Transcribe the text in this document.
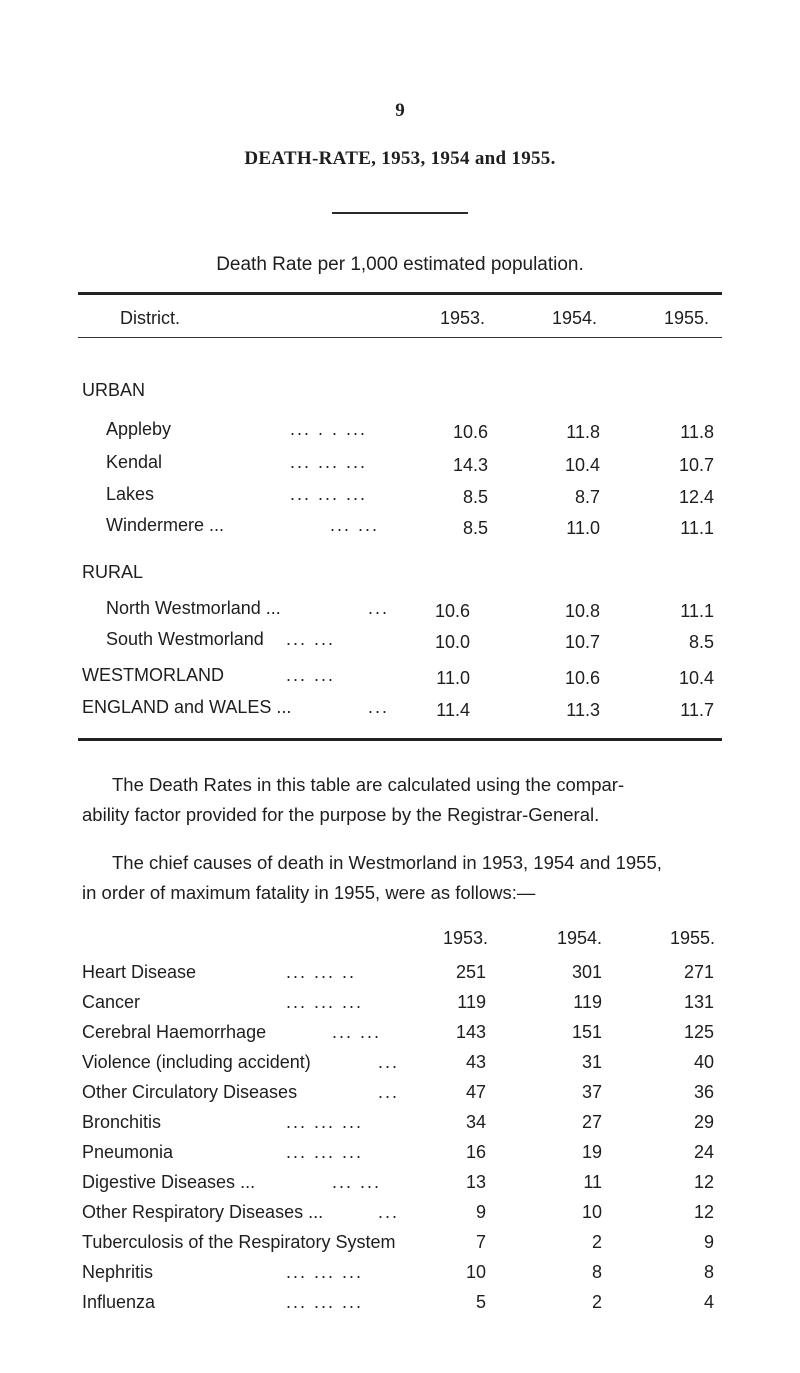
9
DEATH-RATE, 1953, 1954 and 1955.
Death Rate per 1,000 estimated population.
District.	1953.	1954.	1955.
URBAN
Appleby	... . . ...	10.6	11.8	11.8
Kendal	... ... ...	14.3	10.4	10.7
Lakes	... ... ...	8.5	8.7	12.4
Windermere ...	... ...	8.5	11.0	11.1
RURAL
North Westmorland ...	...	10.6	10.8	11.1
South Westmorland ... ...	10.0	10.7	8.5
WESTMORLAND	... ...	11.0	10.6	10.4
ENGLAND and WALES ...	...	11.4	11.3	11.7
The Death Rates in this table are calculated using the compar-
ability factor provided for the purpose by the Registrar-General.
The chief causes of death in Westmorland in 1953, 1954 and 1955,
in order of maximum fatality in 1955, were as follows:—
1953.	1954.	1955.
Heart Disease	... ... ..	251	301	271
Cancer	... ... ...	119	119	131
Cerebral Haemorrhage	... ...	143	151	125
Violence (including accident)	...	43	31	40
Other Circulatory Diseases	...	47	37	36
Bronchitis	... ... ...	34	27	29
Pneumonia	... ... ...	16	19	24
Digestive Diseases ...	... ...	13	11	12
Other Respiratory Diseases ...	...	9	10	12
Tuberculosis of the Respiratory System	7	2	9
Nephritis	... ... ...	10	8	8
Influenza	... ... ...	5	2	4
